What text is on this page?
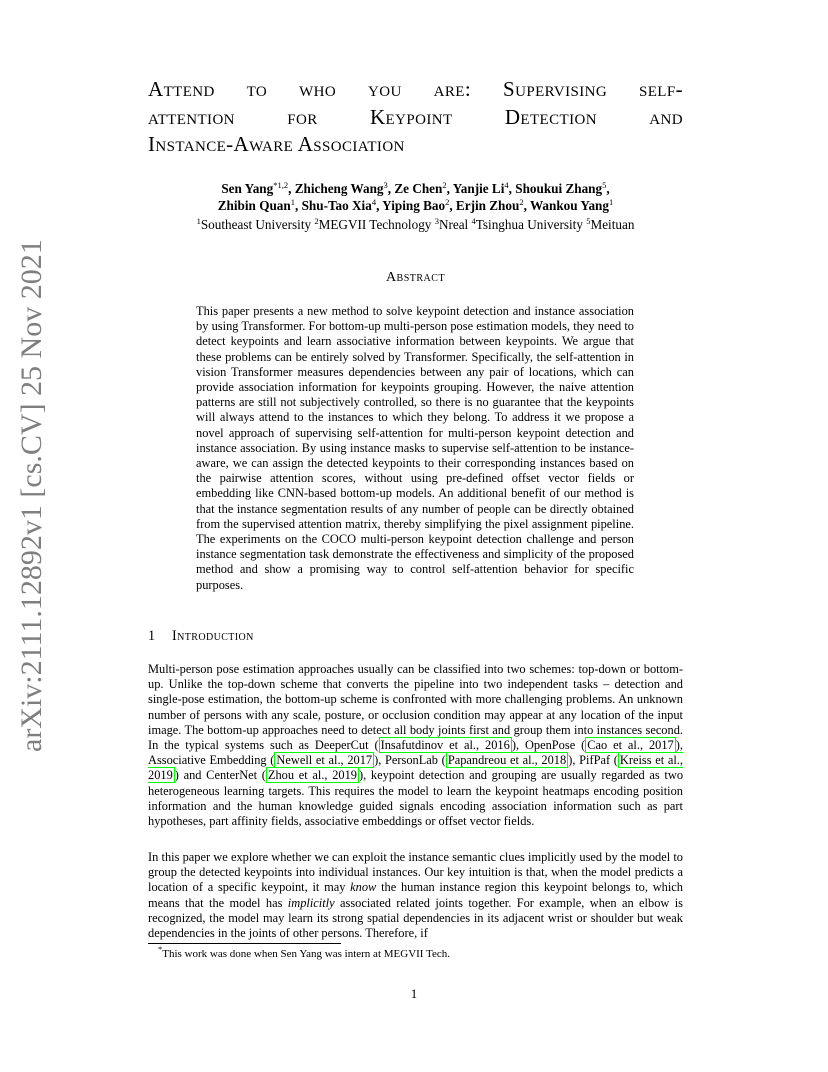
arXiv:2111.12892v1 [cs.CV] 25 Nov 2021
Attend to who you are: Supervising self-
attention for Keypoint Detection and
Instance-Aware Association
Sen Yang$^{*1,2}$, Zhicheng Wang$^3$, Ze Chen$^2$, Yanjie Li$^4$, Shoukui Zhang$^5$,
Zhibin Quan$^1$, Shu-Tao Xia$^4$, Yiping Bao$^2$, Erjin Zhou$^2$, Wankou Yang$^1$
$^1$Southeast University $^2$MEGVII Technology $^3$Nreal $^4$Tsinghua University $^5$Meituan
Abstract
This paper presents a new method to solve keypoint detection and instance association by using Transformer. For bottom-up multi-person pose estimation models, they need to detect keypoints and learn associative information between keypoints. We argue that these problems can be entirely solved by Transformer. Specifically, the self-attention in vision Transformer measures dependencies between any pair of locations, which can provide association information for keypoints grouping. However, the naive attention patterns are still not subjectively controlled, so there is no guarantee that the keypoints will always attend to the instances to which they belong. To address it we propose a novel approach of supervising self-attention for multi-person keypoint detection and instance association. By using instance masks to supervise self-attention to be instance-aware, we can assign the detected keypoints to their corresponding instances based on the pairwise attention scores, without using pre-defined offset vector fields or embedding like CNN-based bottom-up models. An additional benefit of our method is that the instance segmentation results of any number of people can be directly obtained from the supervised attention matrix, thereby simplifying the pixel assignment pipeline. The experiments on the COCO multi-person keypoint detection challenge and person instance segmentation task demonstrate the effectiveness and simplicity of the proposed method and show a promising way to control self-attention behavior for specific purposes.
1 Introduction
Multi-person pose estimation approaches usually can be classified into two schemes: top-down or bottom-up. Unlike the top-down scheme that converts the pipeline into two independent tasks – detection and single-pose estimation, the bottom-up scheme is confronted with more challenging problems. An unknown number of persons with any scale, posture, or occlusion condition may appear at any location of the input image. The bottom-up approaches need to detect all body joints first and group them into instances second. In the typical systems such as DeeperCut ( Insafutdinov et al., 2016 ), OpenPose ( Cao et al., 2017 ), Associative Embedding ( Newell et al., 2017 ), PersonLab ( Papandreou et al., 2018 ), PifPaf ( Kreiss et al., 2019 ) and CenterNet ( Zhou et al., 2019 ), keypoint detection and grouping are usually regarded as two heterogeneous learning targets. This requires the model to learn the keypoint heatmaps encoding position information and the human knowledge guided signals encoding association information such as part hypotheses, part affinity fields, associative embeddings or offset vector fields.
In this paper we explore whether we can exploit the instance semantic clues implicitly used by the model to group the detected keypoints into individual instances. Our key intuition is that, when the model predicts a location of a specific keypoint, it may know the human instance region this keypoint belongs to, which means that the model has implicitly associated related joints together. For example, when an elbow is recognized, the model may learn its strong spatial dependencies in its adjacent wrist or shoulder but weak dependencies in the joints of other persons. Therefore, if
*This work was done when Sen Yang was intern at MEGVII Tech.
1
